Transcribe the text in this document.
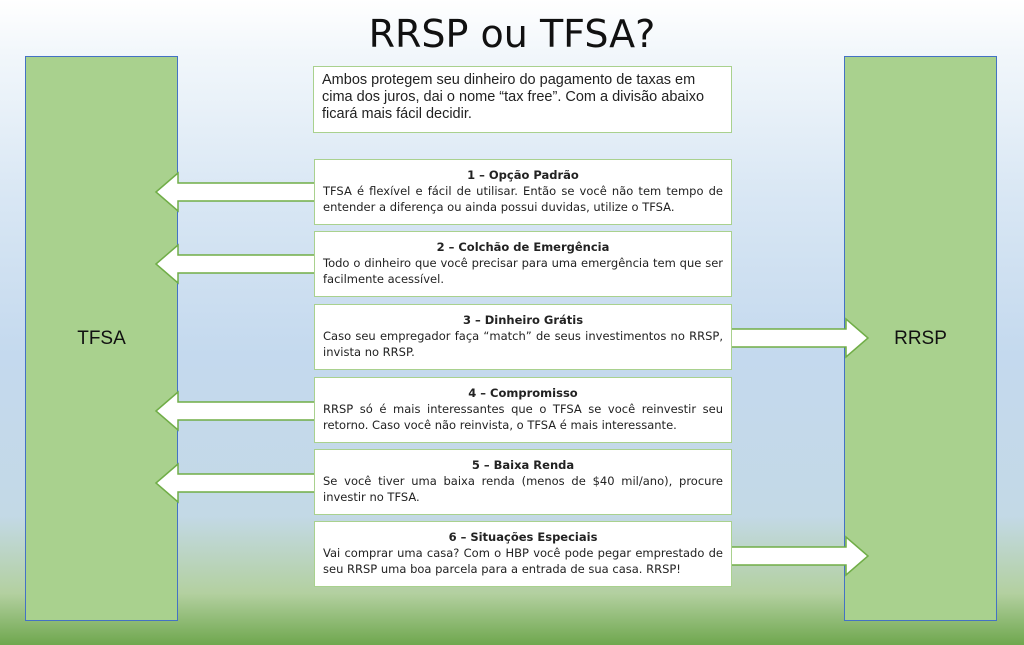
RRSP ou TFSA?
TFSA	RRSP
Ambos protegem seu dinheiro do pagamento de taxas em cima dos juros, dai o nome “tax free”. Com a divisão abaixo ficará mais fácil decidir.
1 – Opção Padrão
TFSA é flexível e fácil de utilisar. Então se você não tem tempo de entender a diferença ou ainda possui duvidas, utilize o TFSA.
2 – Colchão de Emergência
Todo o dinheiro que você precisar para uma emergência tem que ser facilmente acessível.
3 – Dinheiro Grátis
Caso seu empregador faça “match” de seus investimentos no RRSP, invista no RRSP.
4 – Compromisso
RRSP só é mais interessantes que o TFSA se você reinvestir seu retorno. Caso você não reinvista, o TFSA é mais interessante.
5 – Baixa Renda
Se você tiver uma baixa renda (menos de $40 mil/ano), procure investir no TFSA.
6 – Situações Especiais
Vai comprar uma casa? Com o HBP você pode pegar emprestado de seu RRSP uma boa parcela para a entrada de sua casa. RRSP!
